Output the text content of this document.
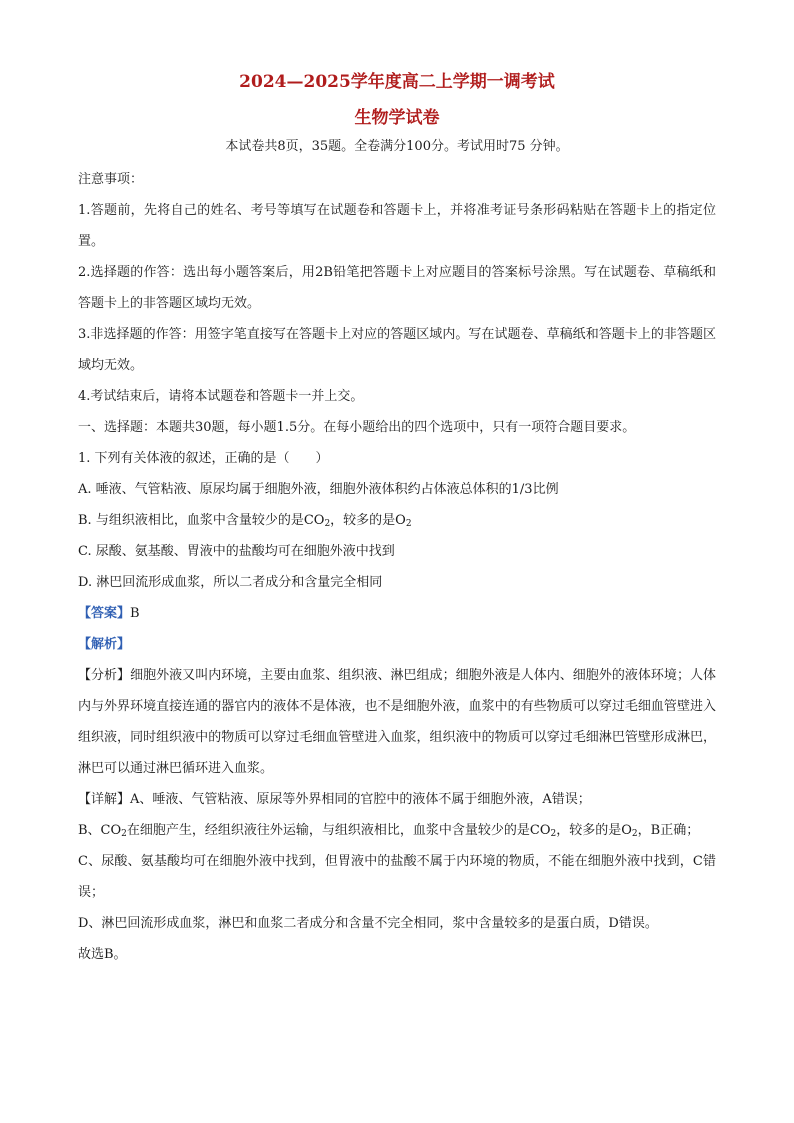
2024—2025学年度高二上学期一调考试
生物学试卷
本试卷共8页，35题。全卷满分100分。考试用时75 分钟。

注意事项：

1.答题前，先将自己的姓名、考号等填写在试题卷和答题卡上，并将准考证号条形码粘贴在答题卡上的指定位置。

2.选择题的作答：选出每小题答案后，用2B铅笔把答题卡上对应题目的答案标号涂黑。写在试题卷、草稿纸和答题卡上的非答题区域均无效。

3.非选择题的作答：用签字笔直接写在答题卡上对应的答题区域内。写在试题卷、草稿纸和答题卡上的非答题区域均无效。

4.考试结束后，请将本试题卷和答题卡一并上交。

一、选择题：本题共30题，每小题1.5分。在每小题给出的四个选项中，只有一项符合题目要求。

1. 下列有关体液的叙述，正确的是（　　）

A. 唾液、气管粘液、原尿均属于细胞外液，细胞外液体积约占体液总体积的1/3比例

B. 与组织液相比，血浆中含量较少的是$CO_2$，较多的是$O_2$

C. 尿酸、氨基酸、胃液中的盐酸均可在细胞外液中找到

D. 淋巴回流形成血浆，所以二者成分和含量完全相同

【答案】B

【解析】

【分析】细胞外液又叫内环境，主要由血浆、组织液、淋巴组成；细胞外液是人体内、细胞外的液体环境；人体内与外界环境直接连通的器官内的液体不是体液，也不是细胞外液，血浆中的有些物质可以穿过毛细血管壁进入组织液，同时组织液中的物质可以穿过毛细血管壁进入血浆，组织液中的物质可以穿过毛细淋巴管壁形成淋巴，淋巴可以通过淋巴循环进入血浆。

【详解】A、唾液、气管粘液、原尿等外界相同的官腔中的液体不属于细胞外液，A错误；

B、$CO_2$在细胞产生，经组织液往外运输，与组织液相比，血浆中含量较少的是$CO_2$，较多的是$O_2$，B正确；

C、尿酸、氨基酸均可在细胞外液中找到，但胃液中的盐酸不属于内环境的物质，不能在细胞外液中找到，C错误；

D、淋巴回流形成血浆，淋巴和血浆二者成分和含量不完全相同，浆中含量较多的是蛋白质，D错误。

故选B。
